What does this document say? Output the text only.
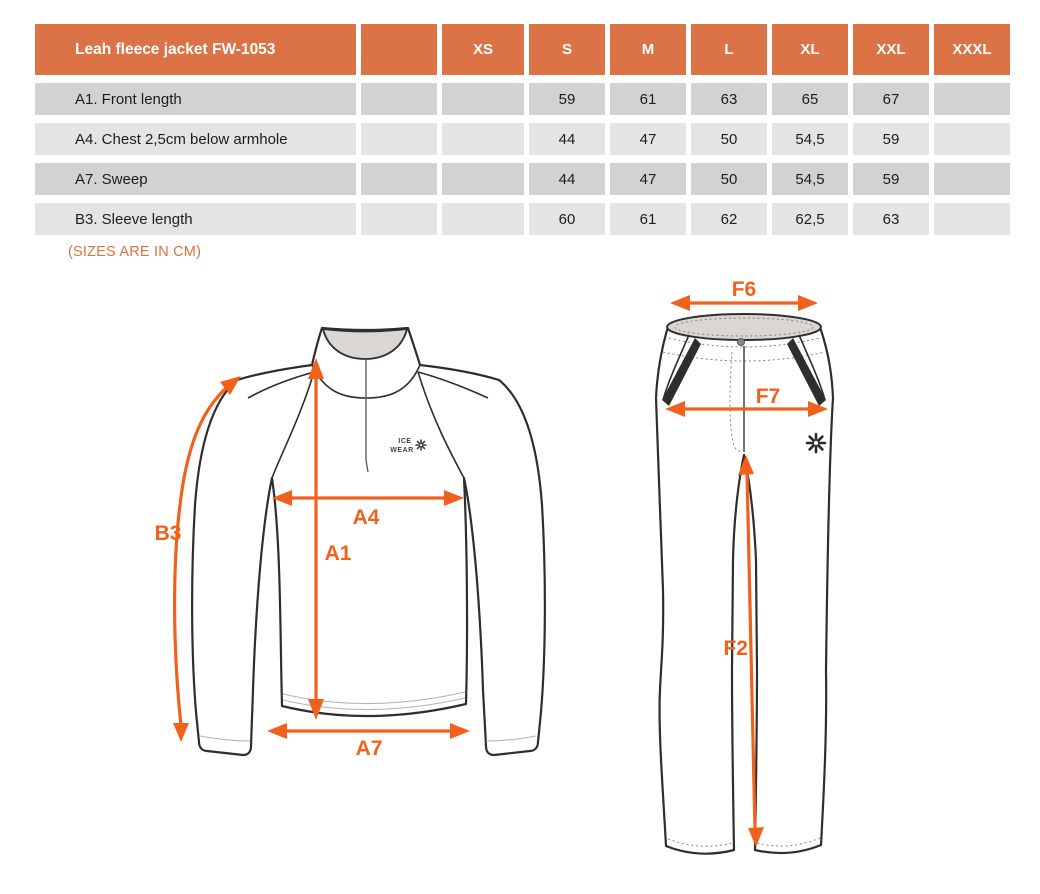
Leah fleece jacket FW-1053		XS	S	M	L	XL	XXL	XXXL
A1. Front length			59	61	63	65	67	
A4. Chest 2,5cm below armhole			44	47	50	54,5	59	
A7. Sweep			44	47	50	54,5	59	
B3. Sleeve length			60	61	62	62,5	63	
(SIZES ARE IN CM)
ICE
WEAR
B3
A1
A4
A7
F6
F7
F2
